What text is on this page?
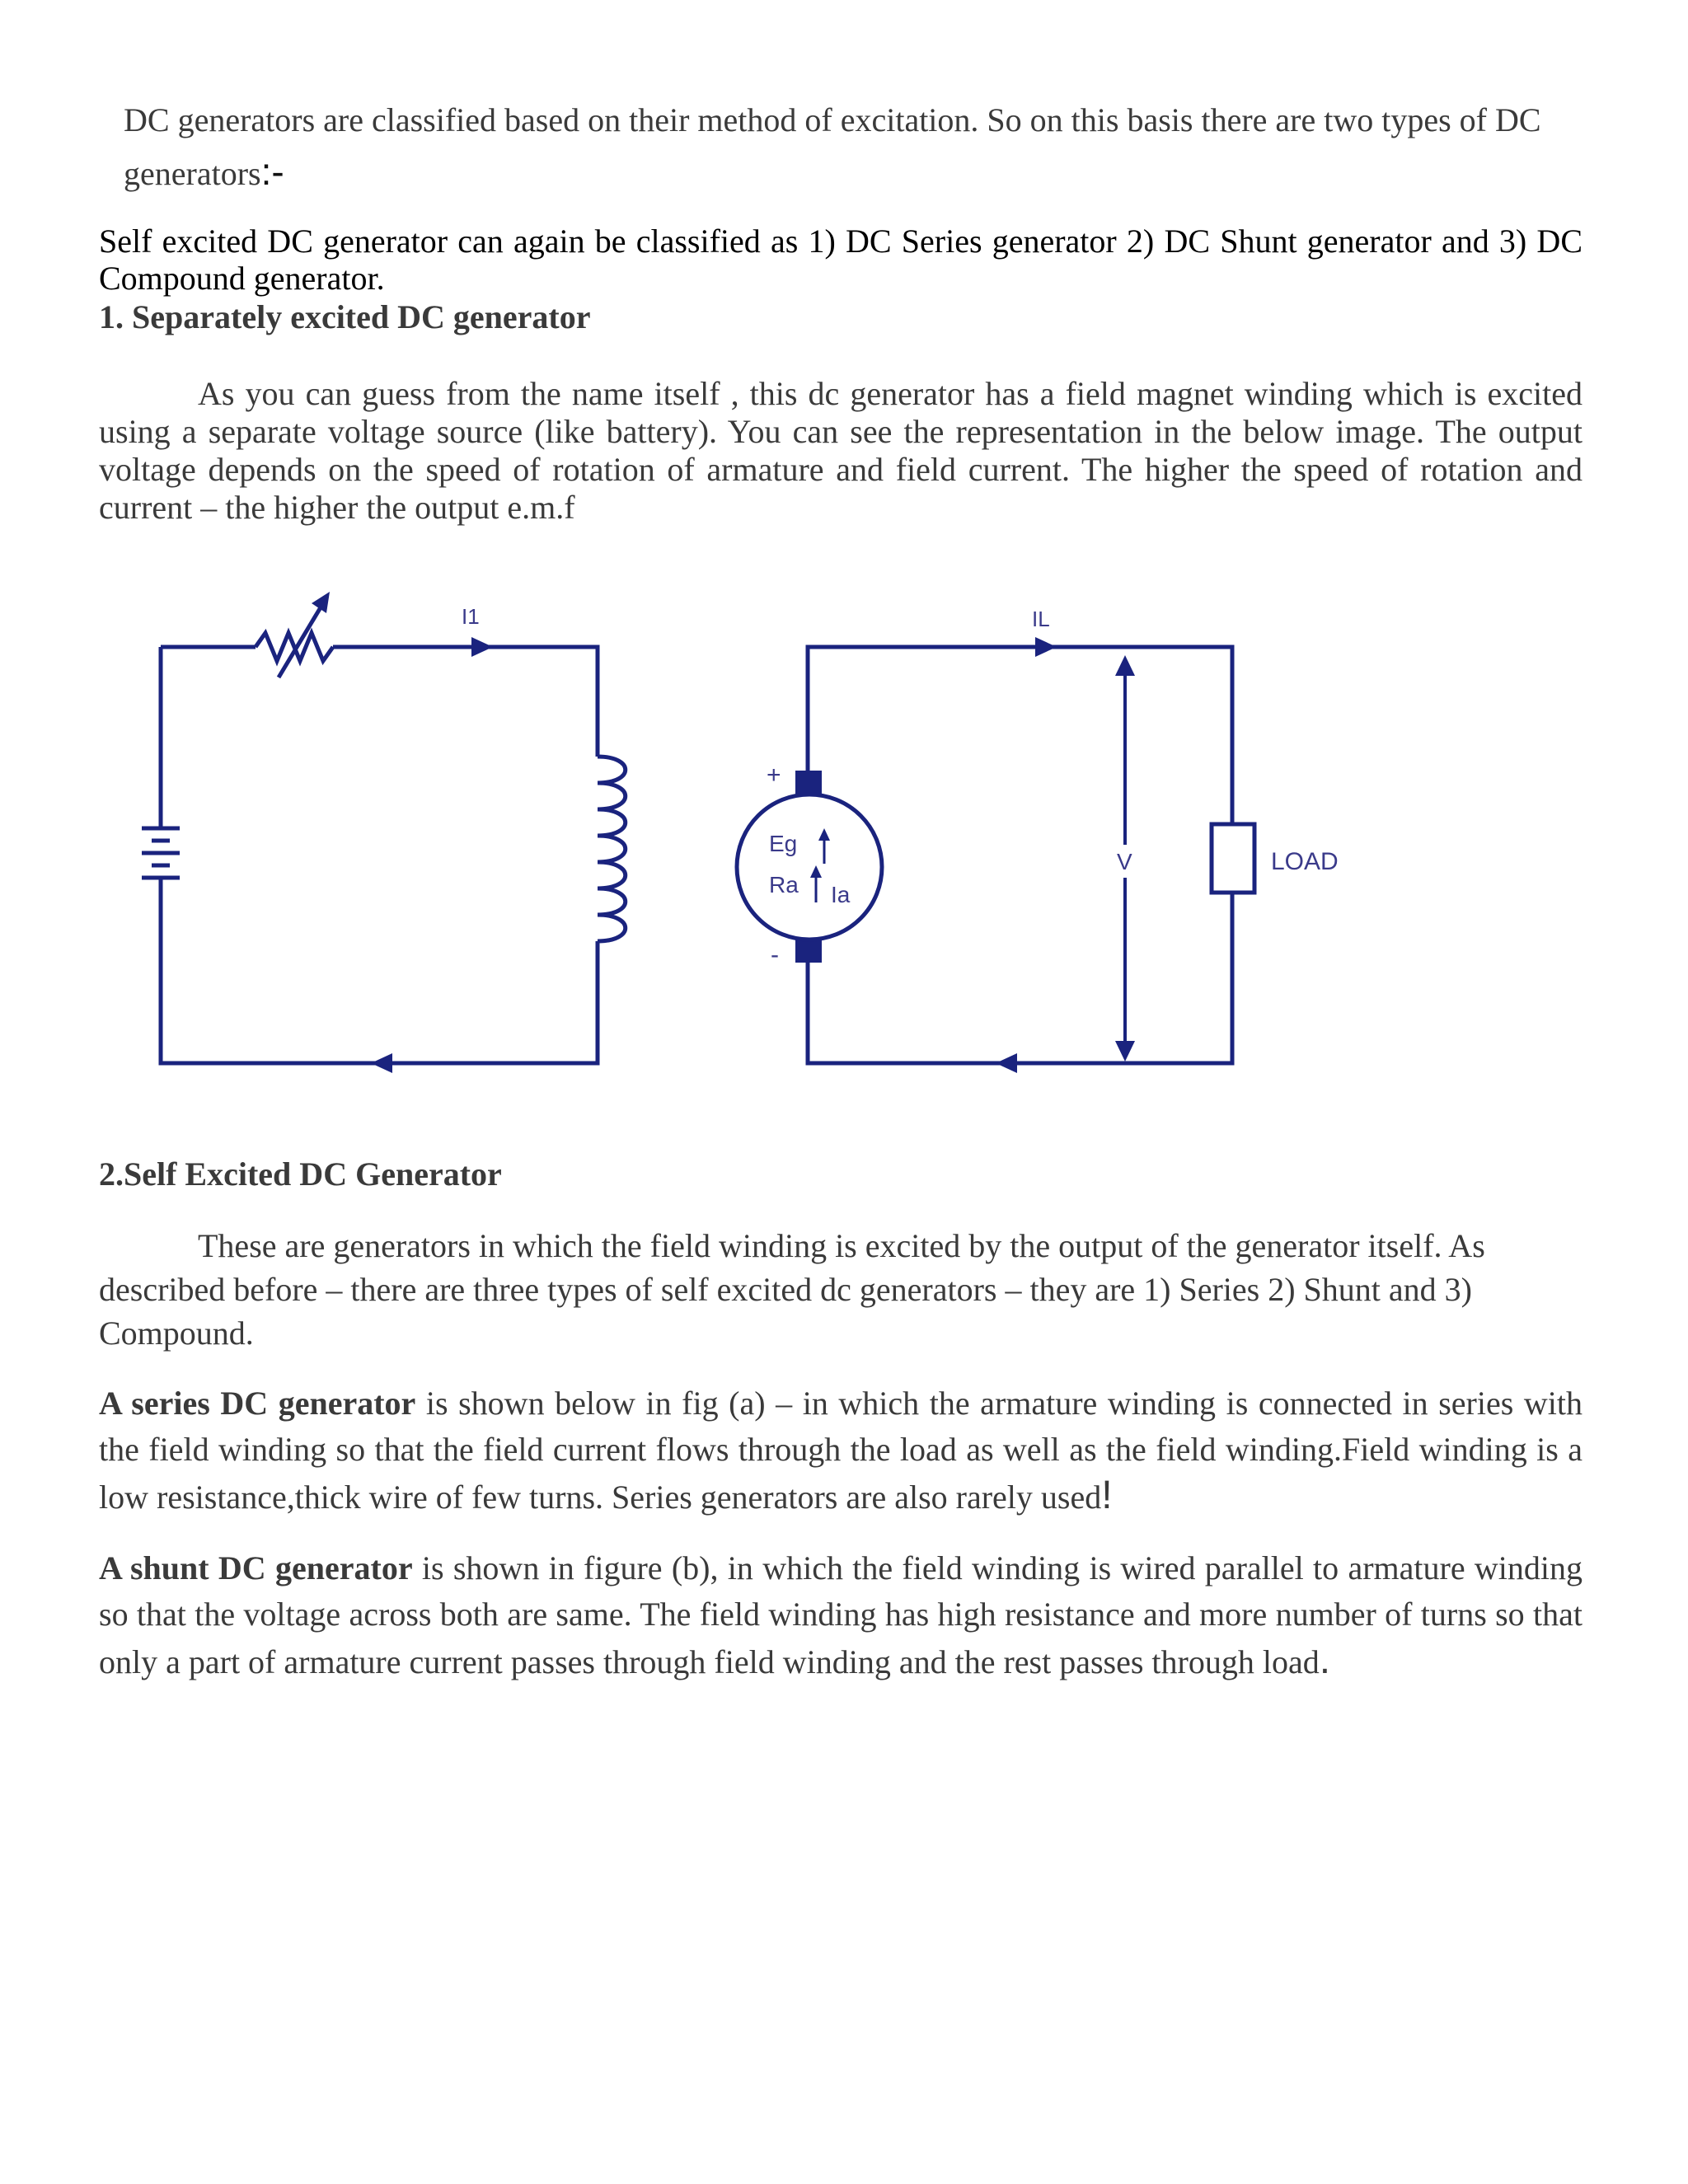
DC generators are classified based on their method of excitation. So on this basis there are two types of DC generators:-

Self excited DC generator can again be classified as 1) DC Series generator 2) DC Shunt generator and 3) DC Compound generator.

1. Separately excited DC generator

As you can guess from the name itself , this dc generator has a field magnet winding which is excited using a separate voltage source (like battery). You can see the representation in the below image. The output voltage depends on the speed of rotation of armature and field current. The higher the speed of rotation and current – the higher the output e.m.f

I1	IL
Eg
Ra Ia
+
-
LOAD
V
2.Self Excited DC Generator

These are generators in which the field winding is excited by the output of the generator itself. As described before – there are three types of self excited dc generators – they are 1) Series 2) Shunt and 3) Compound.

A series DC generator is shown below in fig (a) – in which the armature winding is connected in series with the field winding so that the field current flows through the load as well as the field winding.Field winding is a low resistance,thick wire of few turns. Series generators are also rarely used!

A shunt DC generator is shown in figure (b), in which the field winding is wired parallel to armature winding so that the voltage across both are same. The field winding has high resistance and more number of turns so that only a part of armature current passes through field winding and the rest passes through load.
